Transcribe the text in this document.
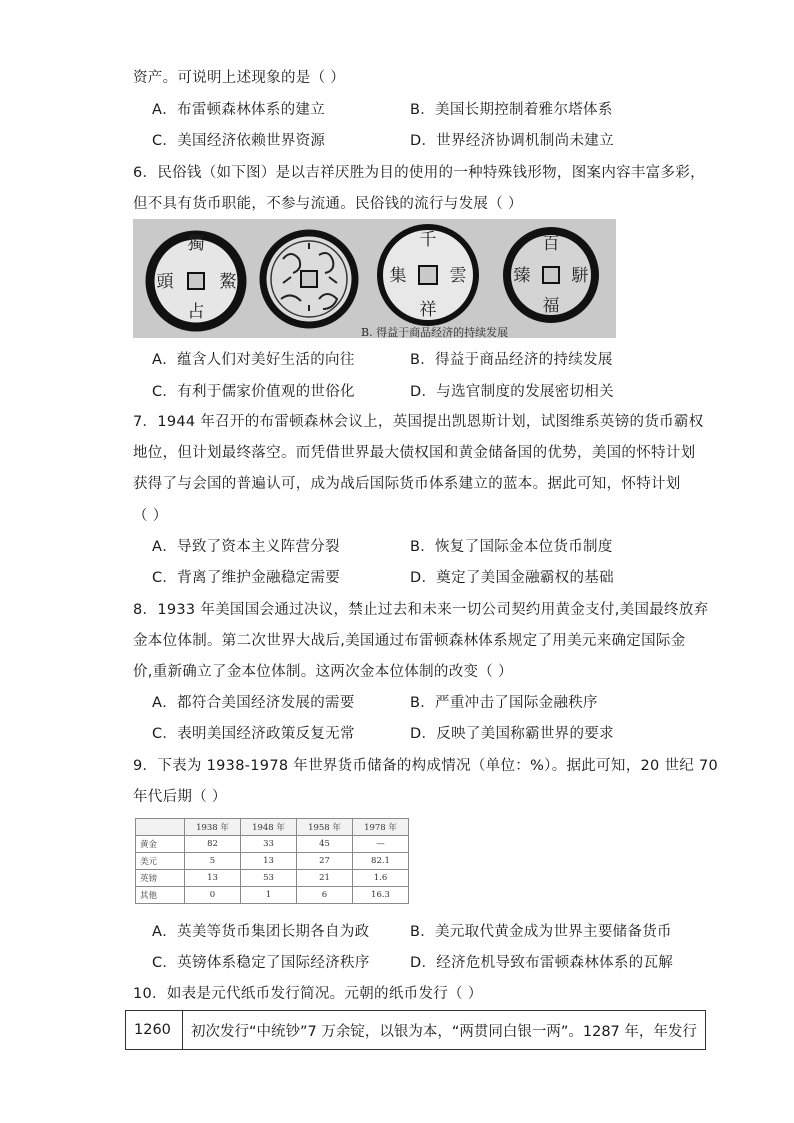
资产。可说明上述现象的是（ ）
A．布雷顿森林体系的建立	B．美国长期控制着雅尔塔体系
C．美国经济依赖世界资源	D．世界经济协调机制尚未建立
6．民俗钱（如下图）是以吉祥厌胜为目的使用的一种特殊钱形物，图案内容丰富多彩，
但不具有货币职能，不参与流通。民俗钱的流行与发展（ ）
獨
鰲
占
頭
千
雲
祥
集
百
駢
福
臻
B. 得益于商品经济的持续发展
A．蕴含人们对美好生活的向往	B．得益于商品经济的持续发展
C．有利于儒家价值观的世俗化	D．与选官制度的发展密切相关
7．1944 年召开的布雷顿森林会议上，英国提出凯恩斯计划，试图维系英镑的货币霸权
地位，但计划最终落空。而凭借世界最大债权国和黄金储备国的优势，美国的怀特计划
获得了与会国的普遍认可，成为战后国际货币体系建立的蓝本。据此可知，怀特计划
（ ）
A．导致了资本主义阵营分裂	B．恢复了国际金本位货币制度
C．背离了维护金融稳定需要	D．奠定了美国金融霸权的基础
8．1933 年美国国会通过决议，禁止过去和未来一切公司契约用黄金支付,美国最终放弃
金本位体制。第二次世界大战后,美国通过布雷顿森林体系规定了用美元来确定国际金
价,重新确立了金本位体制。这两次金本位体制的改变（ ）
A．都符合美国经济发展的需要	B．严重冲击了国际金融秩序
C．表明美国经济政策反复无常	D．反映了美国称霸世界的要求
9．下表为 1938-1978 年世界货币储备的构成情况（单位：%）。据此可知，20 世纪 70
年代后期（ ）
	1938 年	1948 年	1958 年	1978 年
黄金	82	33	45	—
美元	5	13	27	82.1
英镑	13	53	21	1.6
其他	0	1	6	16.3
A．英美等货币集团长期各自为政	B．美元取代黄金成为世界主要储备货币
C．英镑体系稳定了国际经济秩序	D．经济危机导致布雷顿森林体系的瓦解
10．如表是元代纸币发行简况。元朝的纸币发行（ ）
1260	初次发行“中统钞”7 万余锭，以银为本，“两贯同白银一两”。1287 年，年发行
